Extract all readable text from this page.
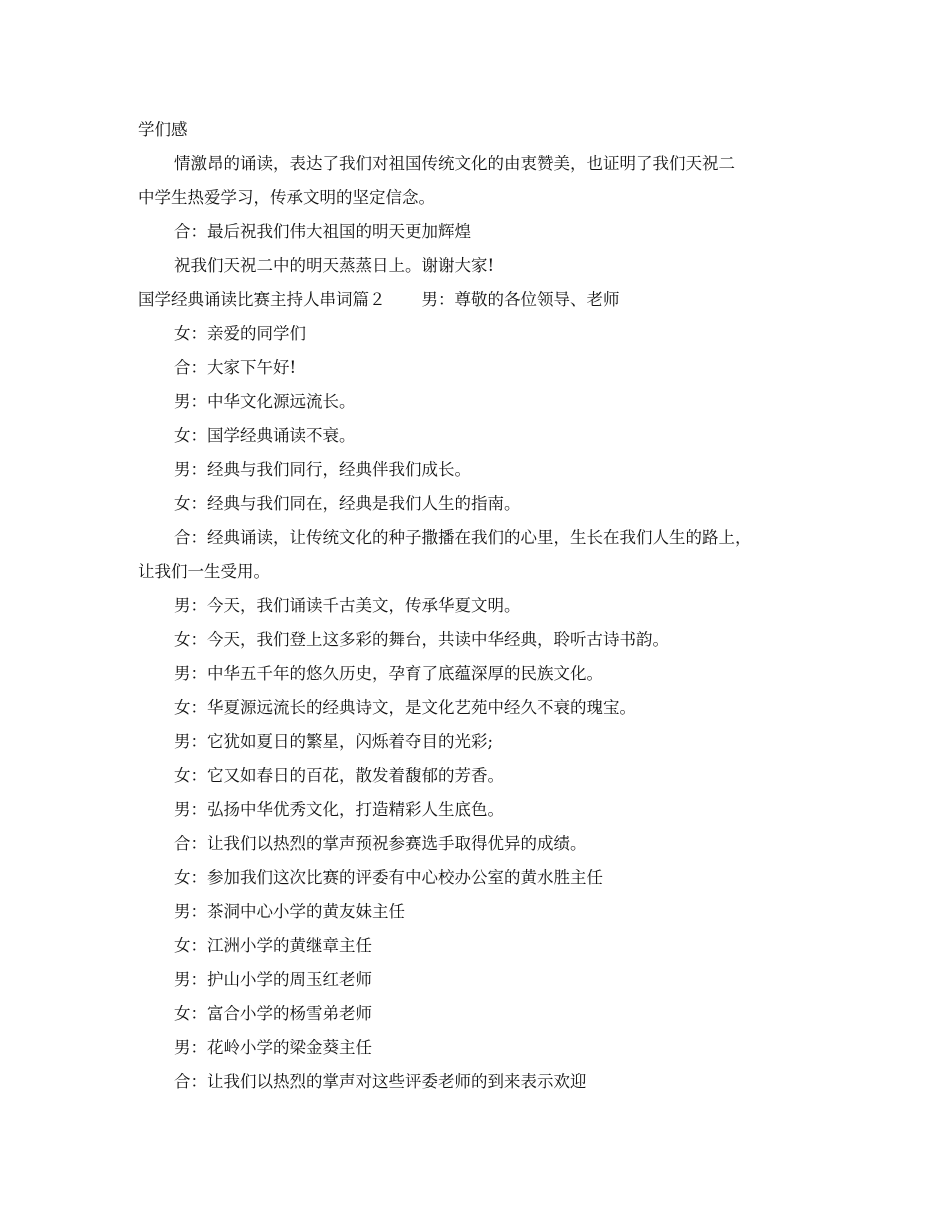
学们感
情激昂的诵读，表达了我们对祖国传统文化的由衷赞美，也证明了我们天祝二
中学生热爱学习，传承文明的坚定信念。
合：最后祝我们伟大祖国的明天更加辉煌
祝我们天祝二中的明天蒸蒸日上。谢谢大家!
国学经典诵读比赛主持人串词篇２ 男：尊敬的各位领导、老师
女：亲爱的同学们
合：大家下午好!
男：中华文化源远流长。
女：国学经典诵读不衰。
男：经典与我们同行，经典伴我们成长。
女：经典与我们同在，经典是我们人生的指南。
合：经典诵读，让传统文化的种子撒播在我们的心里，生长在我们人生的路上，
让我们一生受用。
男：今天，我们诵读千古美文，传承华夏文明。
女：今天，我们登上这多彩的舞台，共读中华经典，聆听古诗书韵。
男：中华五千年的悠久历史，孕育了底蕴深厚的民族文化。
女：华夏源远流长的经典诗文，是文化艺苑中经久不衰的瑰宝。
男：它犹如夏日的繁星，闪烁着夺目的光彩;
女：它又如春日的百花，散发着馥郁的芳香。
男：弘扬中华优秀文化，打造精彩人生底色。
合：让我们以热烈的掌声预祝参赛选手取得优异的成绩。
女：参加我们这次比赛的评委有中心校办公室的黄水胜主任
男：茶洞中心小学的黄友妹主任
女：江洲小学的黄继章主任
男：护山小学的周玉红老师
女：富合小学的杨雪弟老师
男：花岭小学的梁金葵主任
合：让我们以热烈的掌声对这些评委老师的到来表示欢迎
